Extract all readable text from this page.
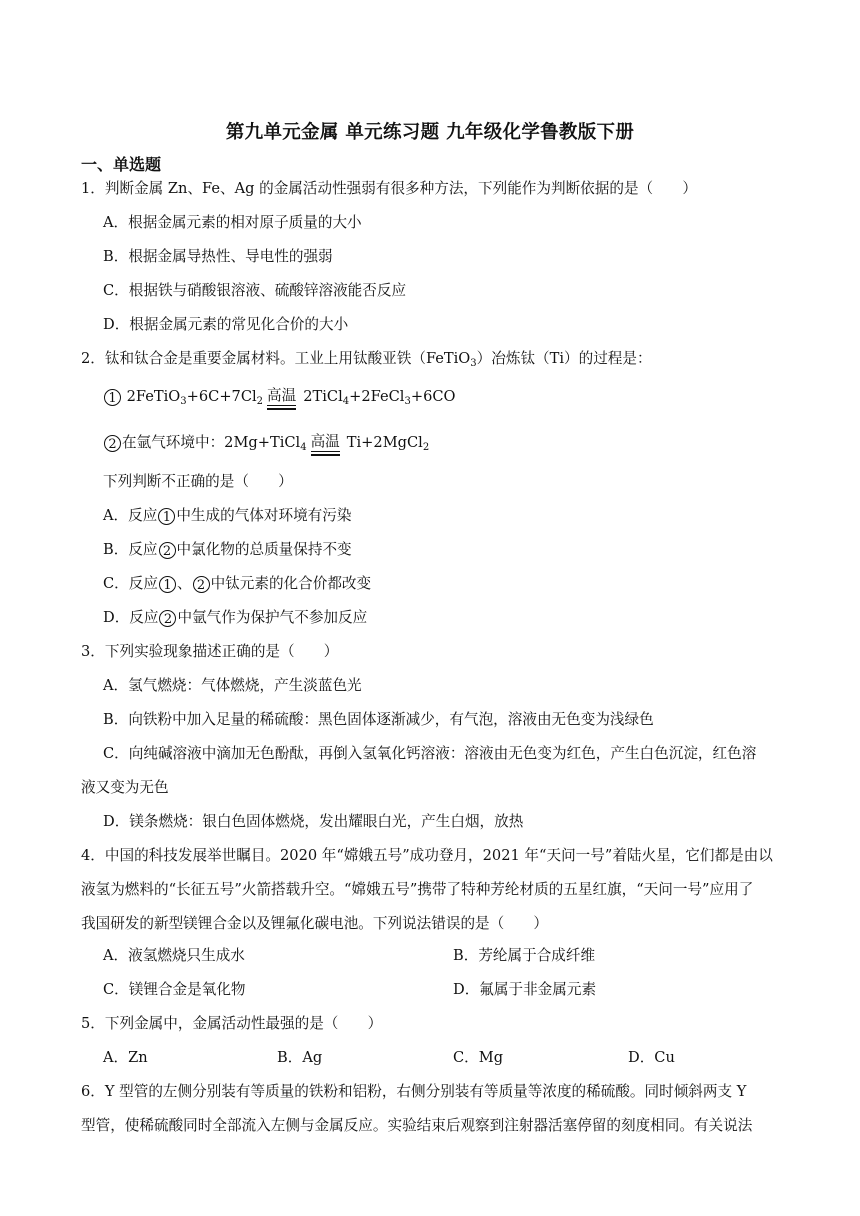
第九单元金属 单元练习题 九年级化学鲁教版下册
一、单选题
1．判断金属 Zn、Fe、Ag 的金属活动性强弱有很多种方法，下列能作为判断依据的是（　　）
A．根据金属元素的相对原子质量的大小
B．根据金属导热性、导电性的强弱
C．根据铁与硝酸银溶液、硫酸锌溶液能否反应
D．根据金属元素的常见化合价的大小
2．钛和钛合金是重要金属材料。工业上用钛酸亚铁（FeTiO$_3$）冶炼钛（Ti）的过程是：
1 $2FeTiO_3+6C+7Cl_2$ 高温 2TiCl$_4$+2FeCl$_3$+6CO
2 在氩气环境中：2Mg+TiCl$_4$ 高温 Ti+2MgCl$_2$
下列判断不正确的是（　　）
A．反应 1 中生成的气体对环境有污染
B．反应 2 中氯化物的总质量保持不变
C．反应 1 、 2 中钛元素的化合价都改变
D．反应 2 中氩气作为保护气不参加反应
3．下列实验现象描述正确的是（　　）
A．氢气燃烧：气体燃烧，产生淡蓝色光
B．向铁粉中加入足量的稀硫酸：黑色固体逐渐减少，有气泡，溶液由无色变为浅绿色
C．向纯碱溶液中滴加无色酚酞，再倒入氢氧化钙溶液：溶液由无色变为红色，产生白色沉淀，红色溶
液又变为无色
D．镁条燃烧：银白色固体燃烧，发出耀眼白光，产生白烟，放热
4．中国的科技发展举世瞩目。2020 年“嫦娥五号”成功登月，2021 年“天问一号”着陆火星，它们都是由以
液氢为燃料的“长征五号”火箭搭载升空。“嫦娥五号”携带了特种芳纶材质的五星红旗，“天问一号”应用了
我国研发的新型镁锂合金以及锂氟化碳电池。下列说法错误的是（　　）
A．液氢燃烧只生成水	B．芳纶属于合成纤维
C．镁锂合金是氧化物	D．氟属于非金属元素
5．下列金属中，金属活动性最强的是（　　）
A．Zn	B．Ag	C．Mg	D．Cu
6．Y 型管的左侧分别装有等质量的铁粉和铝粉，右侧分别装有等质量等浓度的稀硫酸。同时倾斜两支 Y
型管，使稀硫酸同时全部流入左侧与金属反应。实验结束后观察到注射器活塞停留的刻度相同。有关说法
